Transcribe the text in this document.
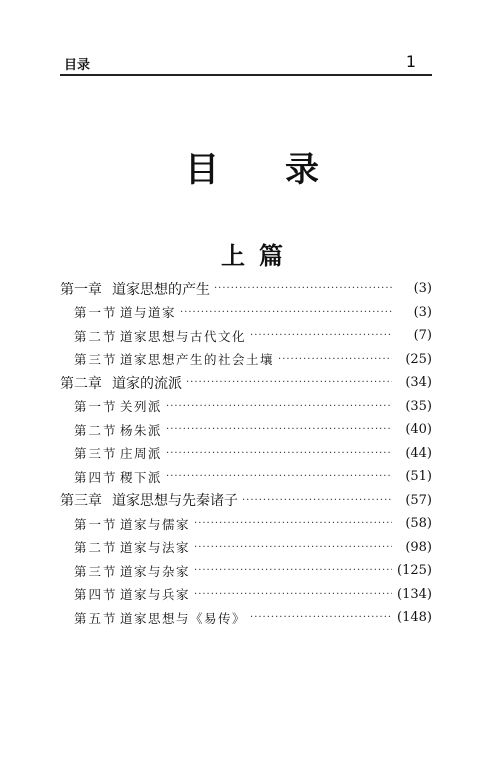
目录	1
目录
上篇
第一章 道家思想的产生 ·····	(3)
第一节 道与道家 ·····	(3)
第二节 道家思想与古代文化 ·····	(7)
第三节 道家思想产生的社会土壤 ·····	(25)
第二章 道家的流派 ·····	(34)
第一节 关列派 ·····	(35)
第二节 杨朱派 ·····	(40)
第三节 庄周派 ·····	(44)
第四节 稷下派 ·····	(51)
第三章 道家思想与先秦诸子 ·····	(57)
第一节 道家与儒家 ·····	(58)
第二节 道家与法家 ·····	(98)
第三节 道家与杂家 ·····	(125)
第四节 道家与兵家 ·····	(134)
第五节 道家思想与《易传》 ·····	(148)
